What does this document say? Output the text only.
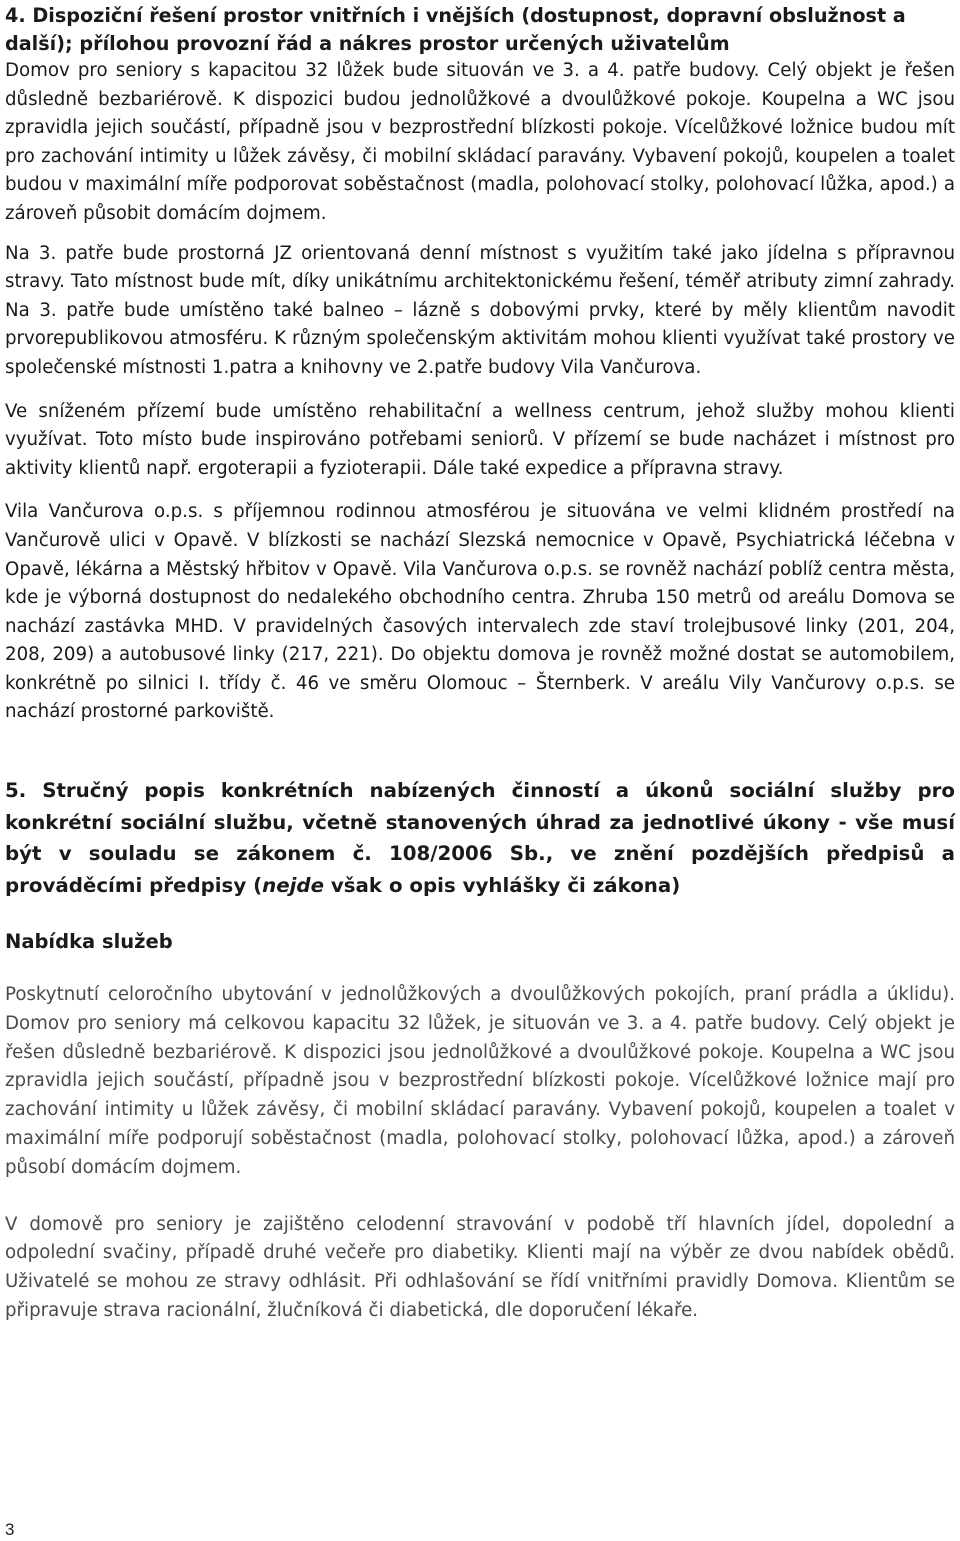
4. Dispoziční řešení prostor vnitřních i vnějších (dostupnost, dopravní obslužnost a další); přílohou provozní řád a nákres prostor určených uživatelům

Domov pro seniory s kapacitou 32 lůžek bude situován ve 3. a 4. patře budovy. Celý objekt je řešen důsledně bezbariérově. K dispozici budou jednolůžkové a dvoulůžkové pokoje. Koupelna a WC jsou zpravidla jejich součástí, případně jsou v bezprostřední blízkosti pokoje. Vícelůžkové ložnice budou mít pro zachování intimity u lůžek závěsy, či mobilní skládací paravány. Vybavení pokojů, koupelen a toalet budou v maximální míře podporovat soběstačnost (madla, polohovací stolky, polohovací lůžka, apod.) a zároveň působit domácím dojmem.

Na 3. patře bude prostorná JZ orientovaná denní místnost s využitím také jako jídelna s přípravnou stravy. Tato místnost bude mít, díky unikátnímu architektonickému řešení, téměř atributy zimní zahrady. Na 3. patře bude umístěno také balneo – lázně s dobovými prvky, které by měly klientům navodit prvorepublikovou atmosféru. K různým společenským aktivitám mohou klienti využívat také prostory ve společenské místnosti 1.patra a knihovny ve 2.patře budovy Vila Vančurova.

Ve sníženém přízemí bude umístěno rehabilitační a wellness centrum, jehož služby mohou klienti využívat. Toto místo bude inspirováno potřebami seniorů. V přízemí se bude nacházet i místnost pro aktivity klientů např. ergoterapii a fyzioterapii. Dále také expedice a přípravna stravy.

Vila Vančurova o.p.s. s příjemnou rodinnou atmosférou je situována ve velmi klidném prostředí na Vančurově ulici v Opavě. V blízkosti se nachází Slezská nemocnice v Opavě, Psychiatrická léčebna v Opavě, lékárna a Městský hřbitov v Opavě. Vila Vančurova o.p.s. se rovněž nachází poblíž centra města, kde je výborná dostupnost do nedalekého obchodního centra. Zhruba 150 metrů od areálu Domova se nachází zastávka MHD. V pravidelných časových intervalech zde staví trolejbusové linky (201, 204, 208, 209) a autobusové linky (217, 221). Do objektu domova je rovněž možné dostat se automobilem, konkrétně po silnici I. třídy č. 46 ve směru Olomouc – Šternberk. V areálu Vily Vančurovy o.p.s. se nachází prostorné parkoviště.

5. Stručný popis konkrétních nabízených činností a úkonů sociální služby pro konkrétní sociální službu, včetně stanovených úhrad za jednotlivé úkony - vše musí být v souladu se zákonem č. 108/2006 Sb., ve znění pozdějších předpisů a prováděcími předpisy (nejde však o opis vyhlášky či zákona)
Nabídka služeb

Poskytnutí celoročního ubytování v jednolůžkových a dvoulůžkových pokojích, praní prádla a úklidu). Domov pro seniory má celkovou kapacitu 32 lůžek, je situován ve 3. a 4. patře budovy. Celý objekt je řešen důsledně bezbariérově. K dispozici jsou jednolůžkové a dvoulůžkové pokoje. Koupelna a WC jsou zpravidla jejich součástí, případně jsou v bezprostřední blízkosti pokoje. Vícelůžkové ložnice mají pro zachování intimity u lůžek závěsy, či mobilní skládací paravány. Vybavení pokojů, koupelen a toalet v maximální míře podporují soběstačnost (madla, polohovací stolky, polohovací lůžka, apod.) a zároveň působí domácím dojmem.

V domově pro seniory je zajištěno celodenní stravování v podobě tří hlavních jídel, dopolední a odpolední svačiny, případě druhé večeře pro diabetiky. Klienti mají na výběr ze dvou nabídek obědů. Uživatelé se mohou ze stravy odhlásit. Při odhlašování se řídí vnitřními pravidly Domova. Klientům se připravuje strava racionální, žlučníková či diabetická, dle doporučení lékaře.

3
